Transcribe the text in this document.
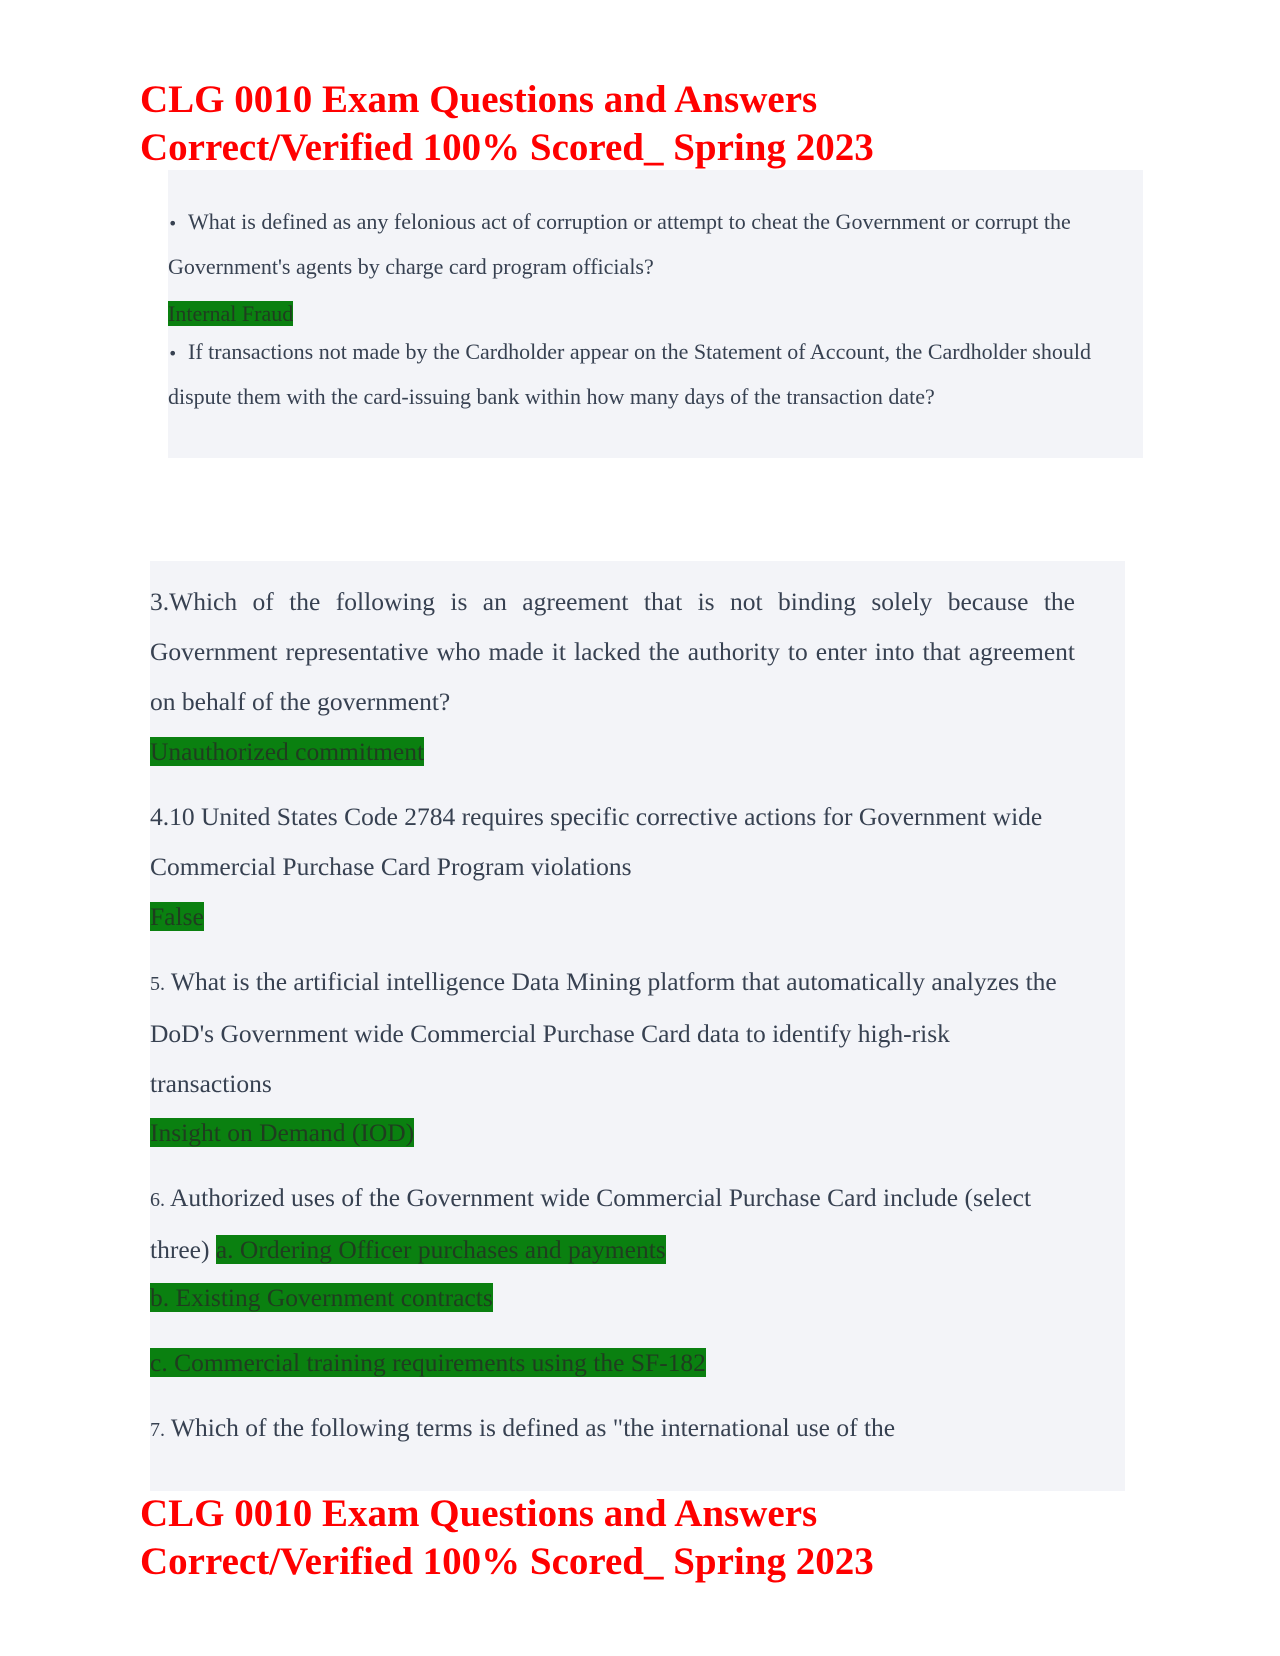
CLG 0010 Exam Questions and Answers
Correct/Verified 100% Scored_ Spring 2023
• What is defined as any felonious act of corruption or attempt to cheat the Government or corrupt the Government's agents by charge card program officials?
Internal Fraud
• If transactions not made by the Cardholder appear on the Statement of Account, the Cardholder should dispute them with the card-issuing bank within how many days of the transaction date?
3.Which of the following is an agreement that is not binding solely because the Government representative who made it lacked the authority to enter into that agreement on behalf of the government?
Unauthorized commitment
4.10 United States Code 2784 requires specific corrective actions for Government wide Commercial Purchase Card Program violations
False
5. What is the artificial intelligence Data Mining platform that automatically analyzes the DoD's Government wide Commercial Purchase Card data to identify high-risk transactions
Insight on Demand (IOD)
6. Authorized uses of the Government wide Commercial Purchase Card include (select three) a. Ordering Officer purchases and payments
b. Existing Government contracts
c. Commercial training requirements using the SF-182
7. Which of the following terms is defined as "the international use of the
CLG 0010 Exam Questions and Answers
Correct/Verified 100% Scored_ Spring 2023
